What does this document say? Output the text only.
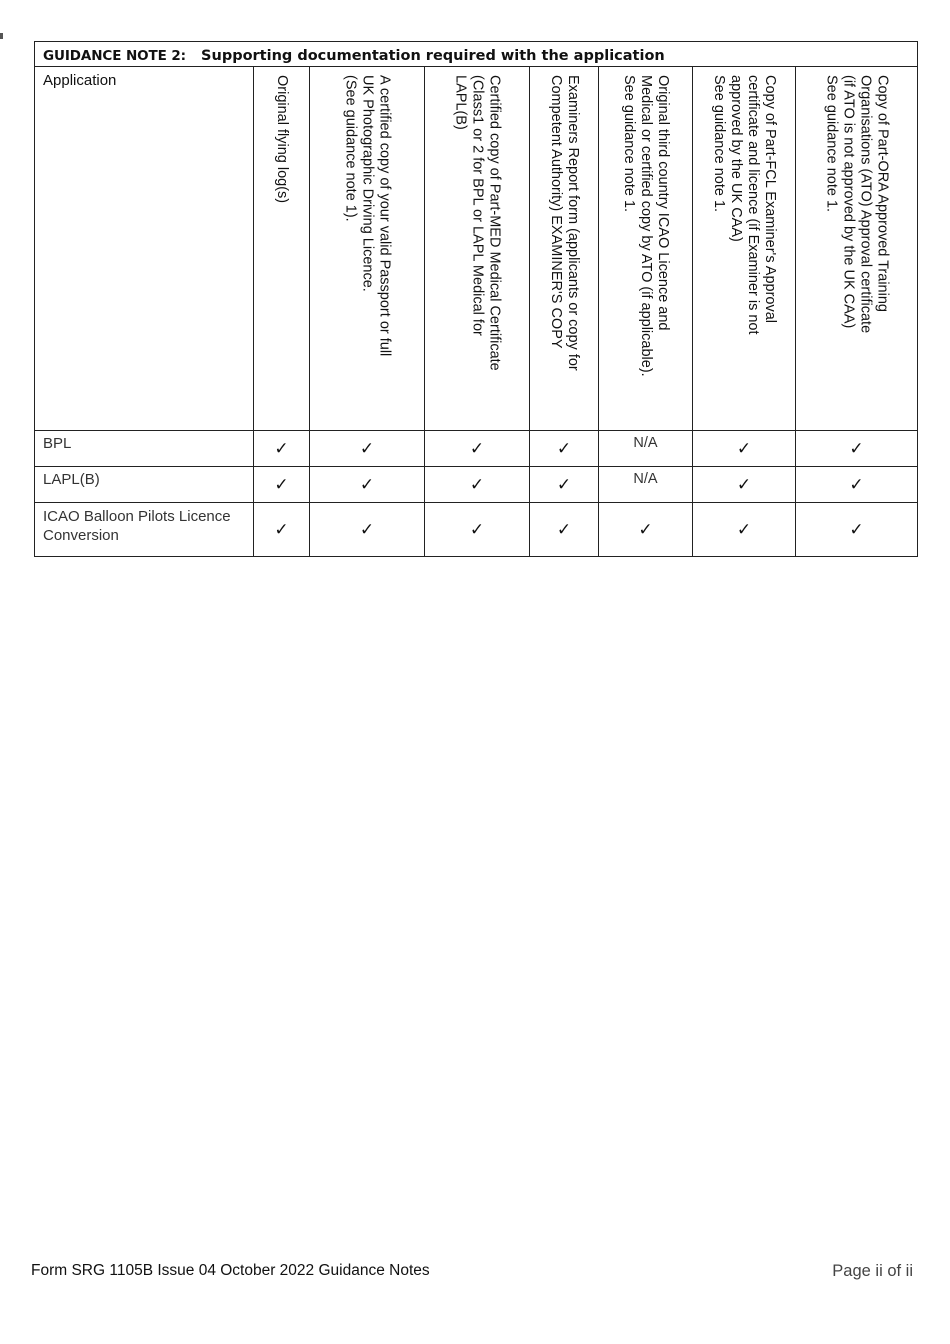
GUIDANCE NOTE 2: Supporting documentation required with the application							
Application	Original flying log(s)	A certified copy of your valid Passport or full
UK Photographic Driving Licence.
(See guidance note 1).	Certified copy of Part-MED Medical Certificate
(Class1 or 2 for BPL or LAPL Medical for
LAPL(B)	Examiners Report form (applicants or copy for
Competent Authority) EXAMINER'S COPY	Original third country ICAO Licence and
Medical or certified copy by ATO (if applicable).
See guidance note 1.	Copy of Part-FCL Examiner's Approval
certificate and licence (if Examiner is not
approved by the UK CAA)
See guidance note 1.	Copy of Part-ORA Approved Training
Organisations (ATO) Approval certificate
(if ATO is not approved by the UK CAA)
See guidance note 1.

BPL	✓	✓	✓	✓	N/A	✓	✓
LAPL(B)	✓	✓	✓	✓	N/A	✓	✓
ICAO Balloon Pilots Licence Conversion	✓	✓	✓	✓	✓	✓	✓
Form SRG 1105B Issue 04 October 2022 Guidance Notes	Page ii of ii
